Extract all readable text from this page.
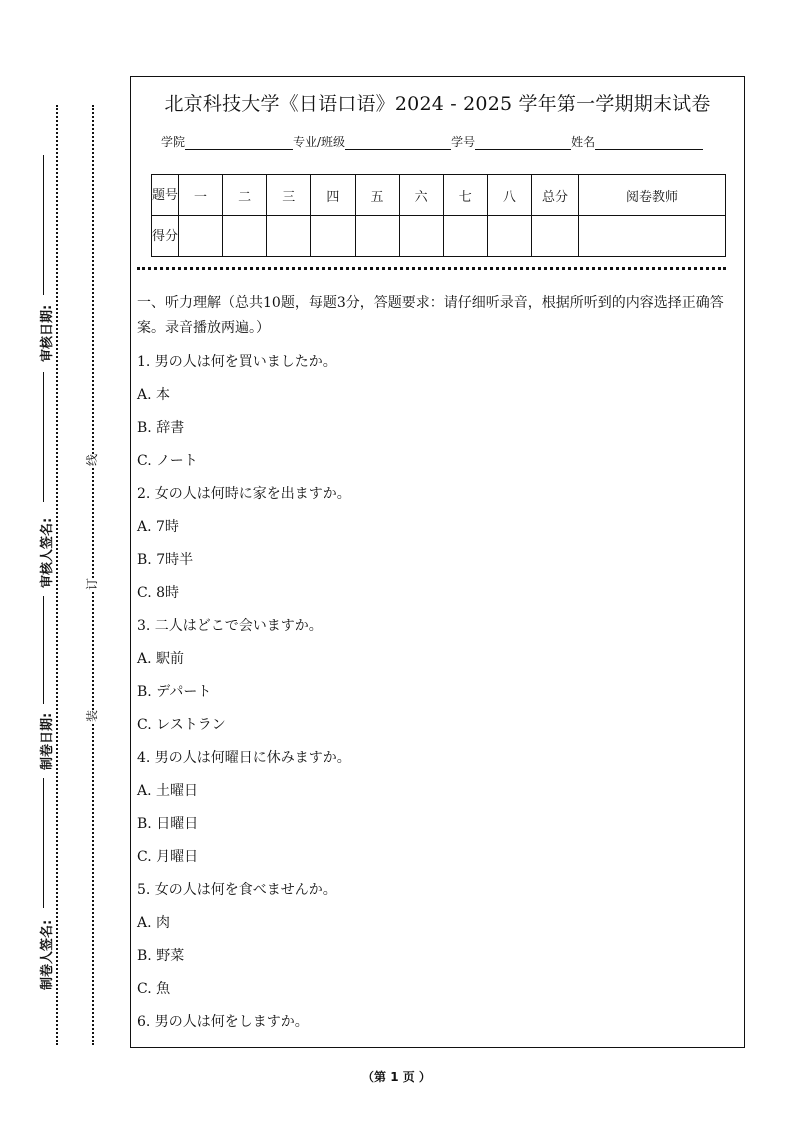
审核日期:
审核人签名:
制卷日期:
制卷人签名:
线
订
装
北京科技大学《日语口语》2024 - 2025 学年第一学期期末试卷
学院	专业/班级	学号	姓名
题号	一	二	三	四	五	六	七	八	总分	阅卷教师
得分										

一、听力理解（总共10题，每题3分，答题要求：请仔细听录音，根据所听到的内容选择正确答案。录音播放两遍。）

1. 男の人は何を買いましたか。
A. 本
B. 辞書
C. ノート
2. 女の人は何時に家を出ますか。
A. 7時
B. 7時半
C. 8時
3. 二人はどこで会いますか。
A. 駅前
B. デパート
C. レストラン
4. 男の人は何曜日に休みますか。
A. 土曜日
B. 日曜日
C. 月曜日
5. 女の人は何を食べませんか。
A. 肉
B. 野菜
C. 魚
6. 男の人は何をしますか。
（第 1 页 ）
